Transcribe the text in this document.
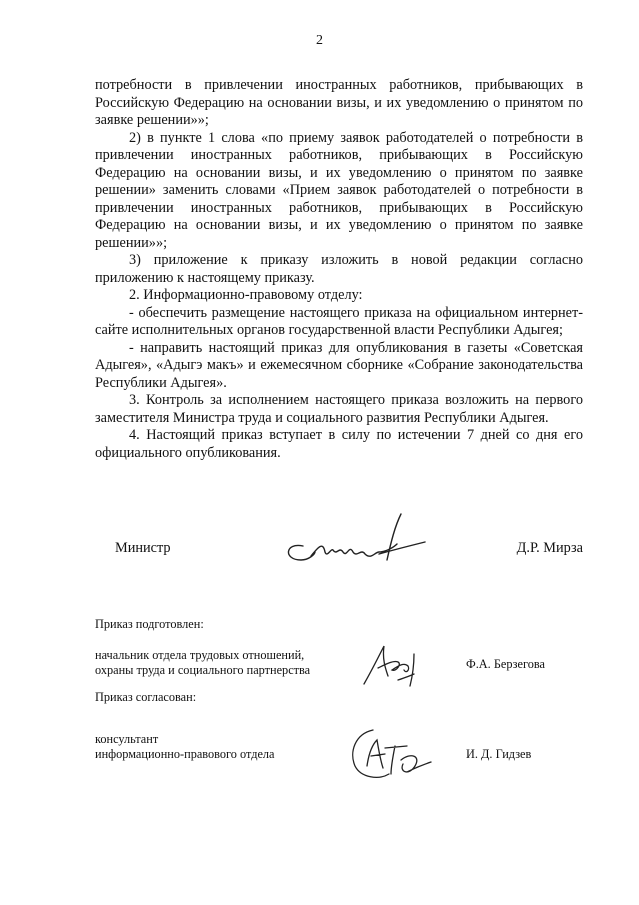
2

потребности в привлечении иностранных работников, прибывающих в Российскую Федерацию на основании визы, и их уведомлению о принятом по заявке решении»»;

2) в пункте 1 слова «по приему заявок работодателей о потребности в привлечении иностранных работников, прибывающих в Российскую Федерацию на основании визы, и их уведомлению о принятом по заявке решении» заменить словами «Прием заявок работодателей о потребности в привлечении иностранных работников, прибывающих в Российскую Федерацию на основании визы, и их уведомлению о принятом по заявке решении»»;

3) приложение к приказу изложить в новой редакции согласно приложению к настоящему приказу.

2. Информационно-правовому отделу:

- обеспечить размещение настоящего приказа на официальном интернет-сайте исполнительных органов государственной власти Республики Адыгея;

- направить настоящий приказ для опубликования в газеты «Советская Адыгея», «Адыгэ макъ» и ежемесячном сборнике «Собрание законодательства Республики Адыгея».

3. Контроль за исполнением настоящего приказа возложить на первого заместителя Министра труда и социального развития Республики Адыгея.

4. Настоящий приказ вступает в силу по истечении 7 дней со дня его официального опубликования.

Министр	Д.Р. Мирза
Приказ подготовлен:
начальник отдела трудовых отношений,
охраны труда и социального партнерства	Ф.А. Берзегова
Приказ согласован:
консультант
информационно-правового отдела	И. Д. Гидзев
